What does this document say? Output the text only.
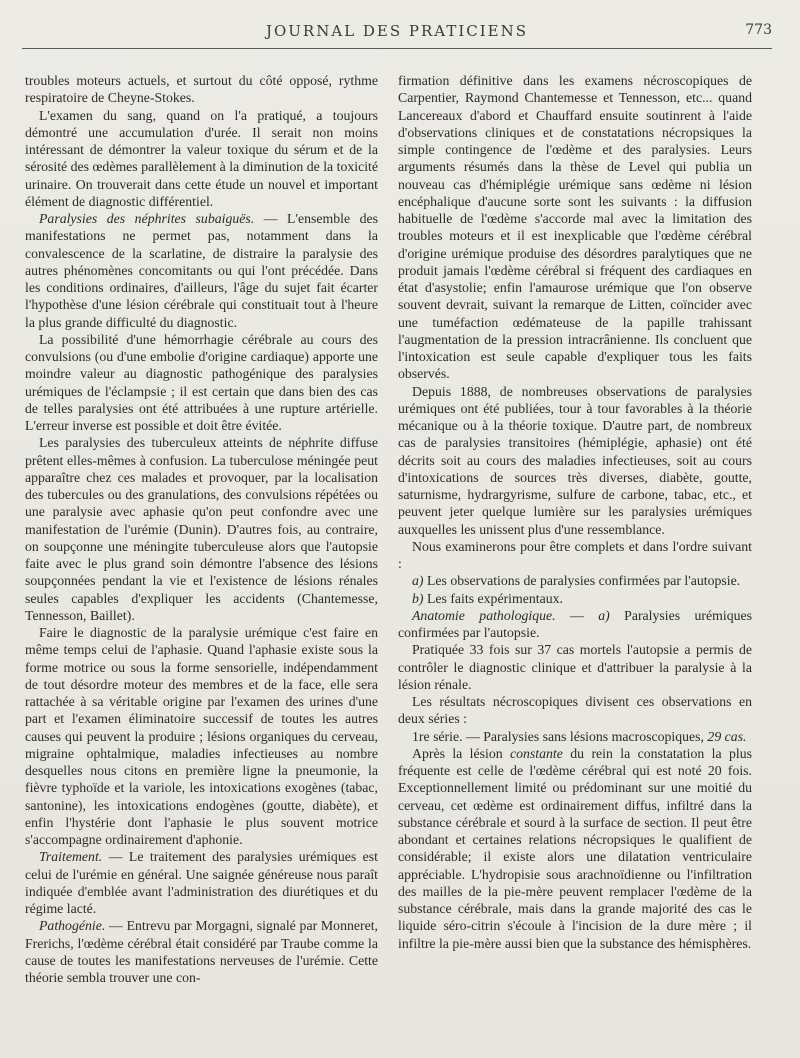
JOURNAL DES PRATICIENS	773

troubles moteurs actuels, et surtout du côté opposé, rythme respiratoire de Cheyne-Stokes.

L'examen du sang, quand on l'a pratiqué, a toujours démontré une accumulation d'urée. Il serait non moins intéressant de démontrer la valeur toxique du sérum et de la sérosité des œdèmes parallèlement à la diminution de la toxicité urinaire. On trouverait dans cette étude un nouvel et important élément de diagnostic différentiel.

Paralysies des néphrites subaiguës. — L'ensemble des manifestations ne permet pas, notamment dans la convalescence de la scarlatine, de distraire la paralysie des autres phénomènes concomitants ou qui l'ont précédée. Dans les conditions ordinaires, d'ailleurs, l'âge du sujet fait écarter l'hypothèse d'une lésion cérébrale qui constituait tout à l'heure la plus grande difficulté du diagnostic.

La possibilité d'une hémorrhagie cérébrale au cours des convulsions (ou d'une embolie d'origine cardiaque) apporte une moindre valeur au diagnostic pathogénique des paralysies urémiques de l'éclampsie ; il est certain que dans bien des cas de telles paralysies ont été attribuées à une rupture artérielle. L'erreur inverse est possible et doit être évitée.

Les paralysies des tuberculeux atteints de néphrite diffuse prêtent elles-mêmes à confusion. La tuberculose méningée peut apparaître chez ces malades et provoquer, par la localisation des tubercules ou des granulations, des convulsions répétées ou une paralysie avec aphasie qu'on peut confondre avec une manifestation de l'urémie (Dunin). D'autres fois, au contraire, on soupçonne une méningite tuberculeuse alors que l'autopsie faite avec le plus grand soin démontre l'absence des lésions soupçonnées pendant la vie et l'existence de lésions rénales seules capables d'expliquer les accidents (Chantemesse, Tennesson, Baillet).

Faire le diagnostic de la paralysie urémique c'est faire en même temps celui de l'aphasie. Quand l'aphasie existe sous la forme motrice ou sous la forme sensorielle, indépendamment de tout désordre moteur des membres et de la face, elle sera rattachée à sa véritable origine par l'examen des urines d'une part et l'examen éliminatoire successif de toutes les autres causes qui peuvent la produire ; lésions organiques du cerveau, migraine ophtalmique, maladies infectieuses au nombre desquelles nous citons en première ligne la pneumonie, la fièvre typhoïde et la variole, les intoxications exogènes (tabac, santonine), les intoxications endogènes (goutte, diabète), et enfin l'hystérie dont l'aphasie le plus souvent motrice s'accompagne ordinairement d'aphonie.

Traitement. — Le traitement des paralysies urémiques est celui de l'urémie en général. Une saignée généreuse nous paraît indiquée d'emblée avant l'administration des diurétiques et du régime lacté.

Pathogénie. — Entrevu par Morgagni, signalé par Monneret, Frerichs, l'œdème cérébral était considéré par Traube comme la cause de toutes les manifestations nerveuses de l'urémie. Cette théorie sembla trouver une con-

firmation définitive dans les examens nécroscopiques de Carpentier, Raymond Chantemesse et Tennesson, etc... quand Lancereaux d'abord et Chauffard ensuite soutinrent à l'aide d'observations cliniques et de constatations nécropsiques la simple contingence de l'œdème et des paralysies. Leurs arguments résumés dans la thèse de Level qui publia un nouveau cas d'hémiplégie urémique sans œdème ni lésion encéphalique d'aucune sorte sont les suivants : la diffusion habituelle de l'œdème s'accorde mal avec la limitation des troubles moteurs et il est inexplicable que l'œdème cérébral d'origine urémique produise des désordres paralytiques que ne produit jamais l'œdème cérébral si fréquent des cardiaques en état d'asystolie; enfin l'amaurose urémique que l'on observe souvent devrait, suivant la remarque de Litten, coïncider avec une tuméfaction œdémateuse de la papille trahissant l'augmentation de la pression intracrânienne. Ils concluent que l'intoxication est seule capable d'expliquer tous les faits observés.

Depuis 1888, de nombreuses observations de paralysies urémiques ont été publiées, tour à tour favorables à la théorie mécanique ou à la théorie toxique. D'autre part, de nombreux cas de paralysies transitoires (hémiplégie, aphasie) ont été décrits soit au cours des maladies infectieuses, soit au cours d'intoxications de sources très diverses, diabète, goutte, saturnisme, hydrargyrisme, sulfure de carbone, tabac, etc., et peuvent jeter quelque lumière sur les paralysies urémiques auxquelles les unissent plus d'une ressemblance.

Nous examinerons pour être complets et dans l'ordre suivant :

a) Les observations de paralysies confirmées par l'autopsie.

b) Les faits expérimentaux.

Anatomie pathologique. — a) Paralysies urémiques confirmées par l'autopsie.

Pratiquée 33 fois sur 37 cas mortels l'autopsie a permis de contrôler le diagnostic clinique et d'attribuer la paralysie à la lésion rénale.

Les résultats nécroscopiques divisent ces observations en deux séries :

1re série. — Paralysies sans lésions macroscopiques, 29 cas.

Après la lésion constante du rein la constatation la plus fréquente est celle de l'œdème cérébral qui est noté 20 fois. Exceptionnellement limité ou prédominant sur une moitié du cerveau, cet œdème est ordinairement diffus, infiltré dans la substance cérébrale et sourd à la surface de section. Il peut être abondant et certaines relations nécropsiques le qualifient de considérable; il existe alors une dilatation ventriculaire appréciable. L'hydropisie sous arachnoïdienne ou l'infiltration des mailles de la pie-mère peuvent remplacer l'œdème de la substance cérébrale, mais dans la grande majorité des cas le liquide séro-citrin s'écoule à l'incision de la dure mère ; il infiltre la pie-mère aussi bien que la substance des hémisphères.
